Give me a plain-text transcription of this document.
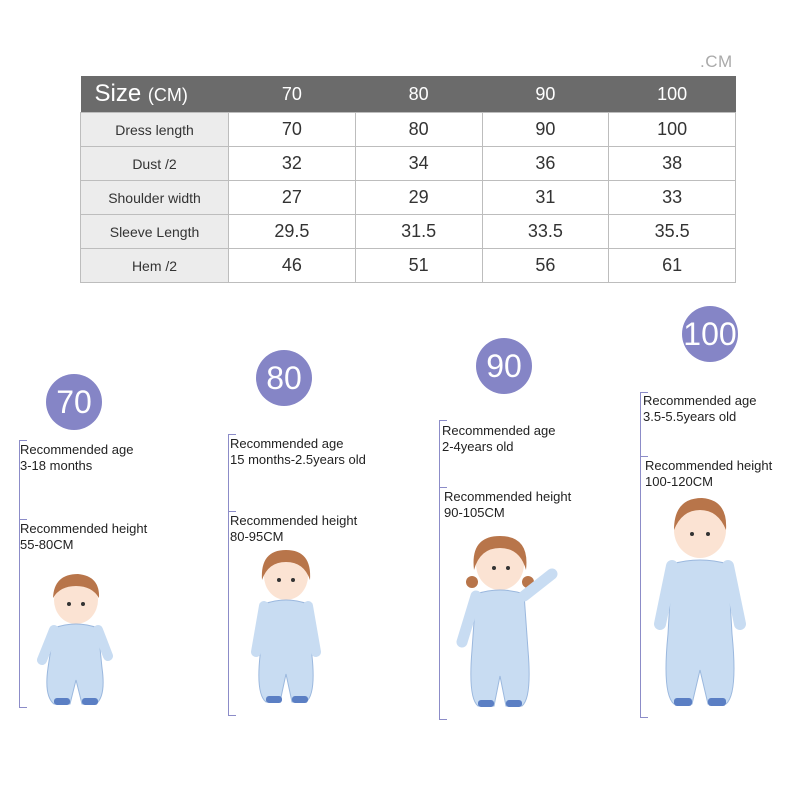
.CM
Size (CM)	70	80	90	100
Dress length	70	80	90	100
Dust /2	32	34	36	38
Shoulder width	27	29	31	33
Sleeve Length	29.5	31.5	33.5	35.5
Hem /2	46	51	56	61
70
Recommended age
3-18 months
Recommended height
55-80CM
80
Recommended age
15 months-2.5years old
Recommended height
80-95CM
90
Recommended age
2-4years old
Recommended height
90-105CM
100
Recommended age
3.5-5.5years old
Recommended height
100-120CM
